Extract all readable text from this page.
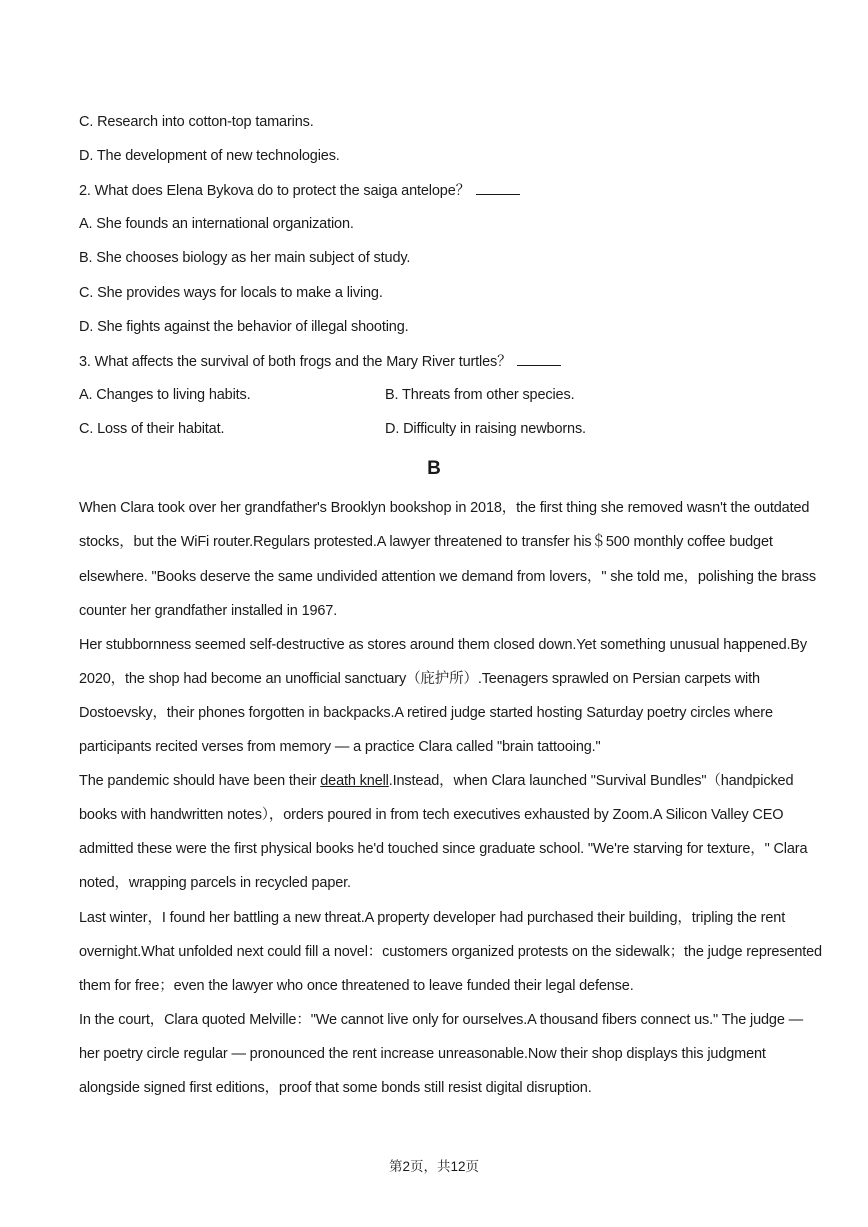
C. Research into cotton-top tamarins.
D. The development of new technologies.
2. What does Elena Bykova do to protect the saiga antelope？
A. She founds an international organization.
B. She chooses biology as her main subject of study.
C. She provides ways for locals to make a living.
D. She fights against the behavior of illegal shooting.
3. What affects the survival of both frogs and the Mary River turtles？
A. Changes to living habits.	B. Threats from other species.
C. Loss of their habitat.	D. Difficulty in raising newborns.
B
When Clara took over her grandfather's Brooklyn bookshop in 2018，the first thing she removed wasn't the outdated
stocks，but the WiFi router.Regulars protested.A lawyer threatened to transfer his＄500 monthly coffee budget
elsewhere. "Books deserve the same undivided attention we demand from lovers，" she told me，polishing the brass
counter her grandfather installed in 1967.
Her stubbornness seemed self-destructive as stores around them closed down.Yet something unusual happened.By
2020，the shop had become an unofficial sanctuary（庇护所）.Teenagers sprawled on Persian carpets with
Dostoevsky，their phones forgotten in backpacks.A retired judge started hosting Saturday poetry circles where
participants recited verses from memory — a practice Clara called "brain tattooing."
The pandemic should have been their death knell.Instead，when Clara launched "Survival Bundles"（handpicked
books with handwritten notes），orders poured in from tech executives exhausted by Zoom.A Silicon Valley CEO
admitted these were the first physical books he'd touched since graduate school. "We're starving for texture，" Clara
noted，wrapping parcels in recycled paper.
Last winter，I found her battling a new threat.A property developer had purchased their building，tripling the rent
overnight.What unfolded next could fill a novel：customers organized protests on the sidewalk；the judge represented
them for free；even the lawyer who once threatened to leave funded their legal defense.
In the court，Clara quoted Melville："We cannot live only for ourselves.A thousand fibers connect us." The judge —
her poetry circle regular — pronounced the rent increase unreasonable.Now their shop displays this judgment
alongside signed first editions，proof that some bonds still resist digital disruption.
第2页，共12页
